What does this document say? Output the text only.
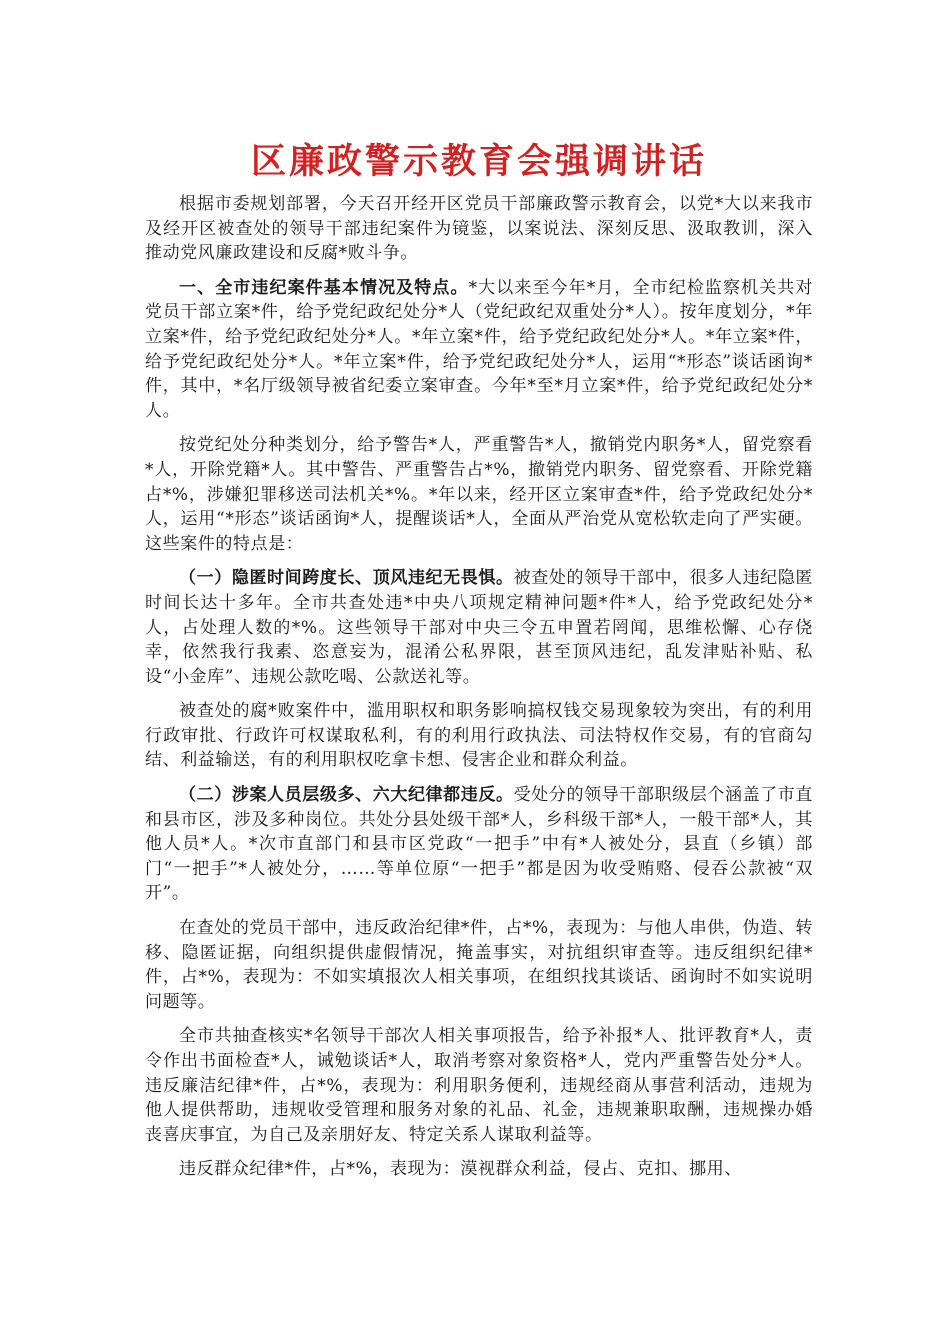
区廉政警示教育会强调讲话

根据市委规划部署，今天召开经开区党员干部廉政警示教育会，以党*大以来我市及经开区被查处的领导干部违纪案件为镜鉴，以案说法、深刻反思、汲取教训，深入推动党风廉政建设和反腐*败斗争。

一、全市违纪案件基本情况及特点。*大以来至今年*月，全市纪检监察机关共对党员干部立案*件，给予党纪政纪处分*人（党纪政纪双重处分*人）。按年度划分，*年立案*件，给予党纪政纪处分*人。*年立案*件，给予党纪政纪处分*人。*年立案*件，给予党纪政纪处分*人。*年立案*件，给予党纪政纪处分*人，运用“*形态”谈话函询*件，其中，*名厅级领导被省纪委立案审查。今年*至*月立案*件，给予党纪政纪处分*人。

按党纪处分种类划分，给予警告*人，严重警告*人，撤销党内职务*人，留党察看*人，开除党籍*人。其中警告、严重警告占*%，撤销党内职务、留党察看、开除党籍占*%，涉嫌犯罪移送司法机关*%。*年以来，经开区立案审查*件，给予党政纪处分*人，运用“*形态”谈话函询*人，提醒谈话*人，全面从严治党从宽松软走向了严实硬。这些案件的特点是：

（一）隐匿时间跨度长、顶风违纪无畏惧。被查处的领导干部中，很多人违纪隐匿时间长达十多年。全市共查处违*中央八项规定精神问题*件*人，给予党政纪处分*人，占处理人数的*%。这些领导干部对中央三令五申置若罔闻，思维松懈、心存侥幸，依然我行我素、恣意妄为，混淆公私界限，甚至顶风违纪，乱发津贴补贴、私设“小金库”、违规公款吃喝、公款送礼等。

被查处的腐*败案件中，滥用职权和职务影响搞权钱交易现象较为突出，有的利用行政审批、行政许可权谋取私利，有的利用行政执法、司法特权作交易，有的官商勾结、利益输送，有的利用职权吃拿卡想、侵害企业和群众利益。

（二）涉案人员层级多、六大纪律都违反。受处分的领导干部职级层个涵盖了市直和县市区，涉及多种岗位。共处分县处级干部*人，乡科级干部*人，一般干部*人，其他人员*人。*次市直部门和县市区党政“一把手”中有*人被处分，县直（乡镇）部门“一把手”*人被处分，……等单位原“一把手”都是因为收受贿赂、侵吞公款被“双开”。

在查处的党员干部中，违反政治纪律*件，占*%，表现为：与他人串供，伪造、转移、隐匿证据，向组织提供虚假情况，掩盖事实，对抗组织审查等。违反组织纪律*件，占*%，表现为：不如实填报次人相关事项，在组织找其谈话、函询时不如实说明问题等。

全市共抽查核实*名领导干部次人相关事项报告，给予补报*人、批评教育*人，责令作出书面检查*人，诫勉谈话*人，取消考察对象资格*人，党内严重警告处分*人。违反廉洁纪律*件，占*%，表现为：利用职务便利，违规经商从事营利活动，违规为他人提供帮助，违规收受管理和服务对象的礼品、礼金，违规兼职取酬，违规操办婚丧喜庆事宜，为自己及亲朋好友、特定关系人谋取利益等。

违反群众纪律*件，占*%，表现为：漠视群众利益，侵占、克扣、挪用、
